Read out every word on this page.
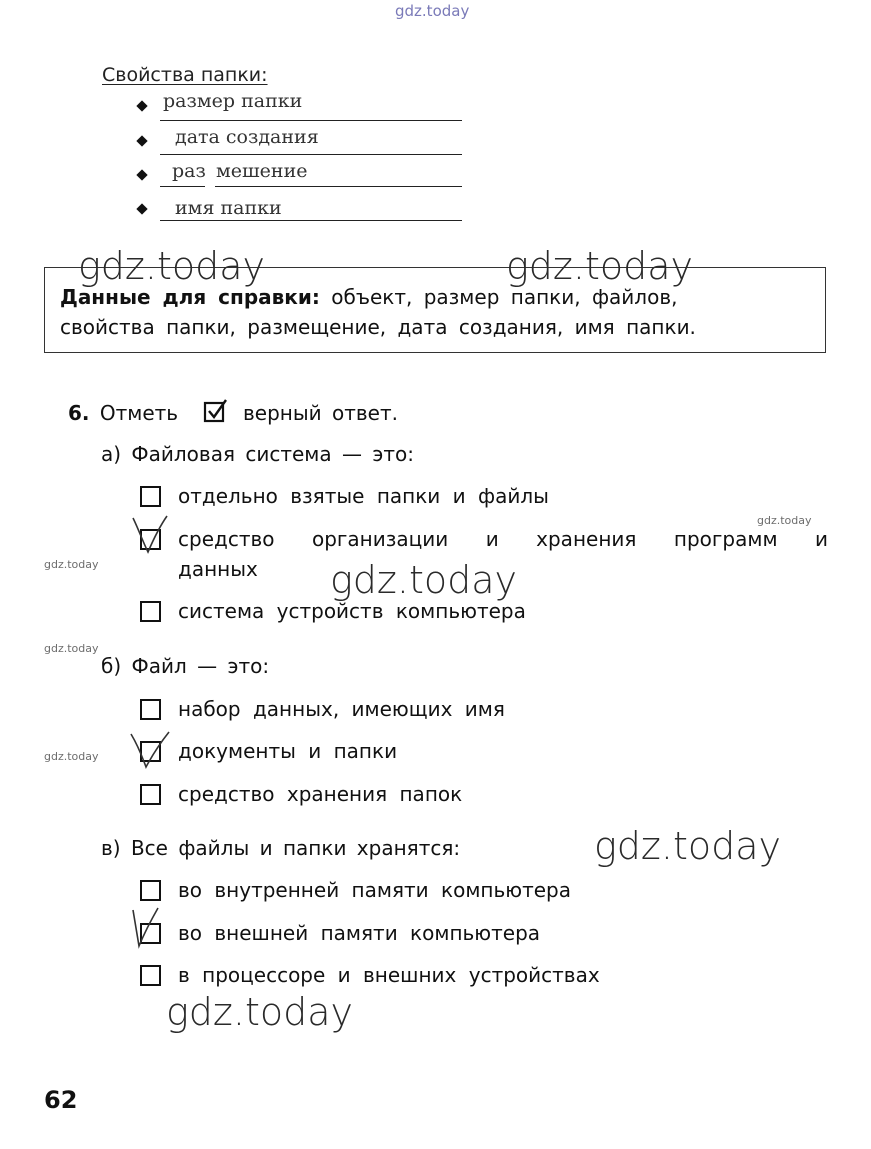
gdz.today
Свойства папки:
размер папки
дата создания
раз мешение
имя папки
Данные для справки: объект, размер папки, файлов,
свойства папки, размещение, дата создания, имя папки.
gdz.today	gdz.today
6. Отметь	верный ответ.
а) Файловая система — это:
отдельно взятые папки и файлы
средство организации и хранения программ и
данных
система устройств компьютера
gdz.today
gdz.today	gdz.today
gdz.today
б) Файл — это:
набор данных, имеющих имя
документы и папки
средство хранения папок
gdz.today
в) Все файлы и папки хранятся:	gdz.today
во внутренней памяти компьютера
во внешней памяти компьютера
в процессоре и внешних устройствах
gdz.today
62
